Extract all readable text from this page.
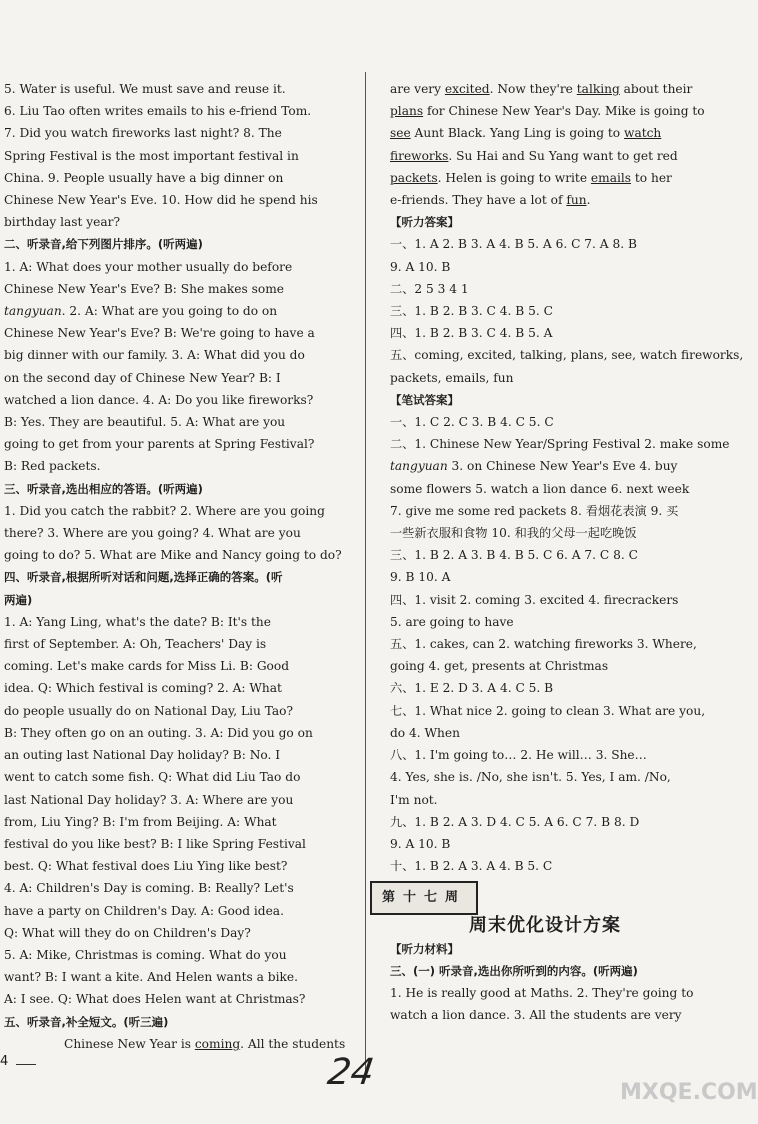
5. Water is useful. We must save and reuse it.

6. Liu Tao often writes emails to his e-friend Tom.

7. Did you watch fireworks last night? 8. The

Spring Festival is the most important festival in

China. 9. People usually have a big dinner on

Chinese New Year's Eve. 10. How did he spend his

birthday last year?

二、听录音,给下列图片排序。(听两遍)

1. A: What does your mother usually do before

Chinese New Year's Eve? B: She makes some

tangyuan. 2. A: What are you going to do on

Chinese New Year's Eve? B: We're going to have a

big dinner with our family. 3. A: What did you do

on the second day of Chinese New Year? B: I

watched a lion dance. 4. A: Do you like fireworks?

B: Yes. They are beautiful. 5. A: What are you

going to get from your parents at Spring Festival?

B: Red packets.

三、听录音,选出相应的答语。(听两遍)

1. Did you catch the rabbit? 2. Where are you going

there? 3. Where are you going? 4. What are you

going to do? 5. What are Mike and Nancy going to do?

四、听录音,根据所听对话和问题,选择正确的答案。(听

两遍)

1. A: Yang Ling, what's the date? B: It's the

first of September. A: Oh, Teachers' Day is

coming. Let's make cards for Miss Li. B: Good

idea. Q: Which festival is coming? 2. A: What

do people usually do on National Day, Liu Tao?

B: They often go on an outing. 3. A: Did you go on

an outing last National Day holiday? B: No. I

went to catch some fish. Q: What did Liu Tao do

last National Day holiday? 3. A: Where are you

from, Liu Ying? B: I'm from Beijing. A: What

festival do you like best? B: I like Spring Festival

best. Q: What festival does Liu Ying like best?

4. A: Children's Day is coming. B: Really? Let's

have a party on Children's Day. A: Good idea.

Q: What will they do on Children's Day?

5. A: Mike, Christmas is coming. What do you

want? B: I want a kite. And Helen wants a bike.

A: I see. Q: What does Helen want at Christmas?

五、听录音,补全短文。(听三遍)

Chinese New Year is coming. All the students

are very excited. Now they're talking about their

plans for Chinese New Year's Day. Mike is going to

see Aunt Black. Yang Ling is going to watch

fireworks. Su Hai and Su Yang want to get red

packets. Helen is going to write emails to her

e-friends. They have a lot of fun.

【听力答案】

一、1. A 2. B 3. A 4. B 5. A 6. C 7. A 8. B

9. A 10. B

二、2 5 3 4 1

三、1. B 2. B 3. C 4. B 5. C

四、1. B 2. B 3. C 4. B 5. A

五、coming, excited, talking, plans, see, watch fireworks,

packets, emails, fun

【笔试答案】

一、1. C 2. C 3. B 4. C 5. C

二、1. Chinese New Year/Spring Festival 2. make some

tangyuan 3. on Chinese New Year's Eve 4. buy

some flowers 5. watch a lion dance 6. next week

7. give me some red packets 8. 看烟花表演 9. 买

一些新衣服和食物 10. 和我的父母一起吃晚饭

三、1. B 2. A 3. B 4. B 5. C 6. A 7. C 8. C

9. B 10. A

四、1. visit 2. coming 3. excited 4. firecrackers

5. are going to have

五、1. cakes, can 2. watching fireworks 3. Where,

going 4. get, presents at Christmas

六、1. E 2. D 3. A 4. C 5. B

七、1. What nice 2. going to clean 3. What are you,

do 4. When

八、1. I'm going to… 2. He will… 3. She…

4. Yes, she is. /No, she isn't. 5. Yes, I am. /No,

I'm not.

九、1. B 2. A 3. D 4. C 5. A 6. C 7. B 8. D

9. A 10. B

十、1. B 2. A 3. A 4. B 5. C

第十七周

周末优化设计方案

【听力材料】

三、(一) 听录音,选出你所听到的内容。(听两遍)

1. He is really good at Maths. 2. They're going to

watch a lion dance. 3. All the students are very

4	24	MXQE.COM
